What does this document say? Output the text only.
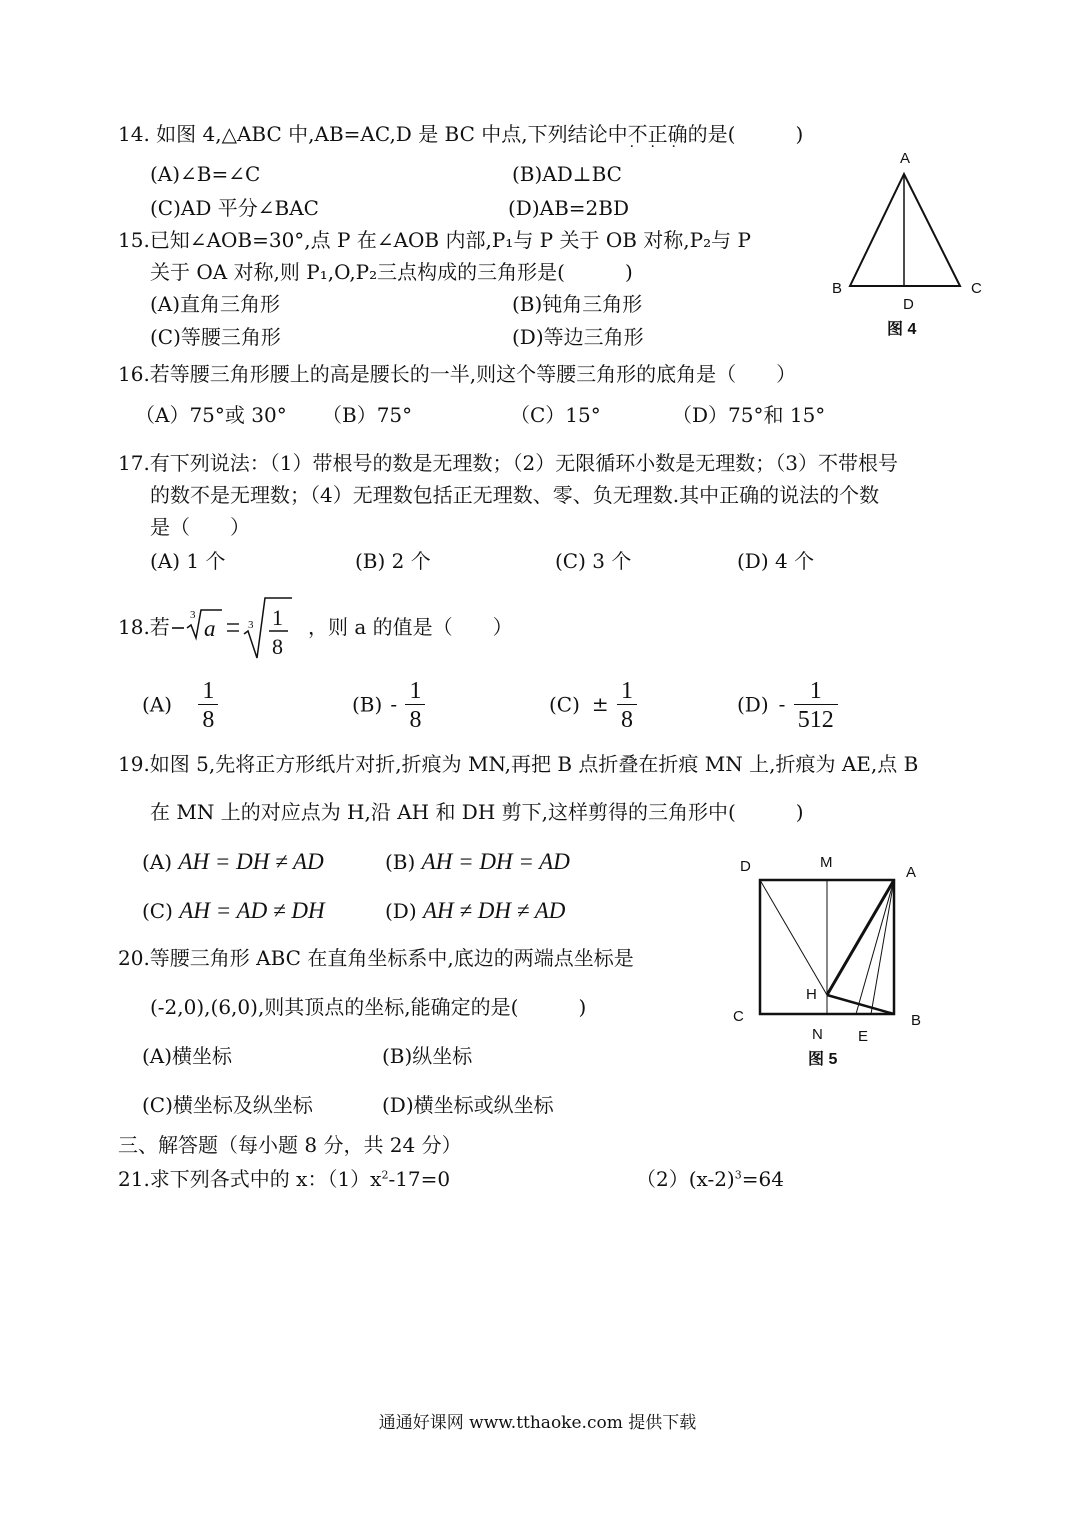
14. 如图 4,△ABC 中,AB=AC,D 是 BC 中点,下列结论中不正确 · · ·的是(　　　)
(A)∠B=∠C	(B)AD⊥BC
(C)AD 平分∠BAC	(D)AB=2BD
15.已知∠AOB=30°,点 P 在∠AOB 内部,P₁与 P 关于 OB 对称,P₂与 P
关于 OA 对称,则 P₁,O,P₂三点构成的三角形是(　　　)
(A)直角三角形	(B)钝角三角形
(C)等腰三角形	(D)等边三角形
A
B	C
D
图 4
16.若等腰三角形腰上的高是腰长的一半,则这个等腰三角形的底角是（　　）
（A）75°或 30° （B）75°	（C）15°	（D）75°和 15°
17.有下列说法：（1）带根号的数是无理数；（2）无限循环小数是无理数；（3）不带根号
的数不是无理数；（4）无理数包括正无理数、零、负无理数.其中正确的说法的个数
是（　　）
(A) 1 个	(B) 2 个	(C) 3 个	(D) 4 个
18.若 3
a	3 1
8
，则 a 的值是（　　）
$(A) \frac{1}{8}$	$(B) - \frac{1}{8}$	$(C) \pm \frac{1}{8}$	$(D) - \frac{1}{512}$
19.如图 5,先将正方形纸片对折,折痕为 MN,再把 B 点折叠在折痕 MN 上,折痕为 AE,点 B
在 MN 上的对应点为 H,沿 AH 和 DH 剪下,这样剪得的三角形中(　　　)
(A) AH = DH ≠ AD	(B) AH = DH = AD
(C) AH = AD ≠ DH	(D) AH ≠ DH ≠ AD
D	M
A
H
C
N E
B
图 5
20.等腰三角形 ABC 在直角坐标系中,底边的两端点坐标是
(-2,0),(6,0),则其顶点的坐标,能确定的是(　　　)
(A)横坐标	(B)纵坐标
(C)横坐标及纵坐标	(D)横坐标或纵坐标
三、解答题（每小题 8 分，共 24 分）
21.求下列各式中的 x：$(1)x^2-17=0$	$(2)(x-2)^3=64$
通通好课网 www.tthaoke.com 提供下载
